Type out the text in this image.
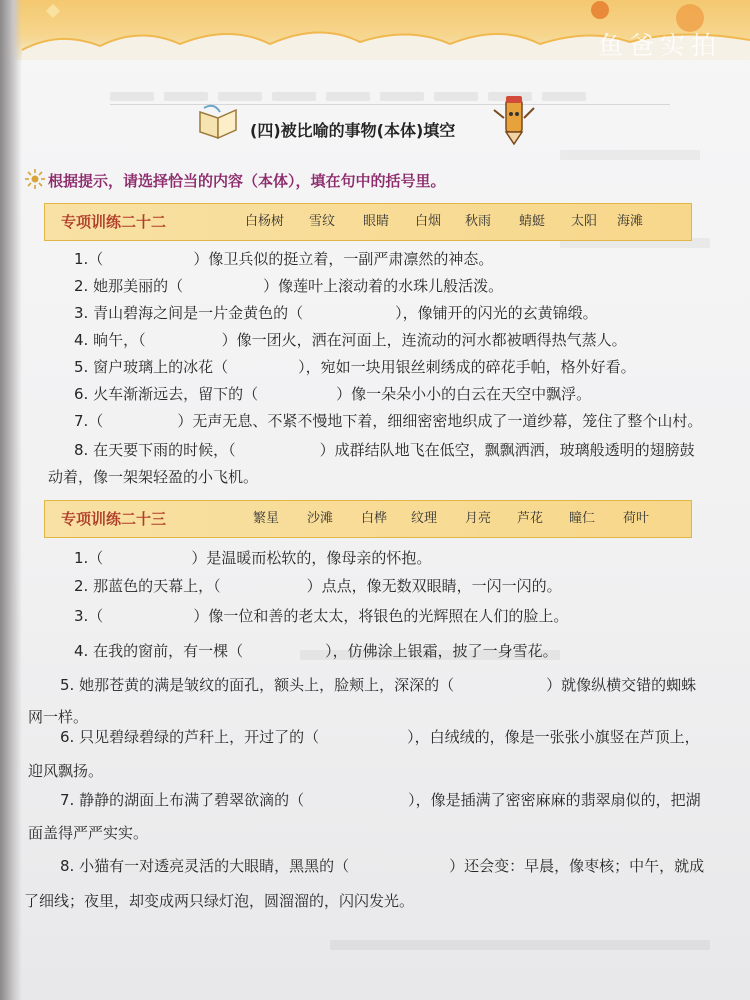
鱼爸实拍
(四)被比喻的事物(本体)填空
根据提示，请选择恰当的内容（本体），填在句中的括号里。
专项训练二十二	白杨树 雪纹 眼睛 白烟 秋雨 蜻蜓 太阳 海滩
1.（	）像卫兵似的挺立着，一副严肃凛然的神态。
2. 她那美丽的（	）像莲叶上滚动着的水珠儿般活泼。
3. 青山碧海之间是一片金黄色的（	），像铺开的闪光的玄黄锦缎。
4. 晌午，（	）像一团火，洒在河面上，连流动的河水都被晒得热气蒸人。
5. 窗户玻璃上的冰花（	），宛如一块用银丝刺绣成的碎花手帕，格外好看。
6. 火车渐渐远去，留下的（	）像一朵朵小小的白云在天空中飘浮。
7.（	）无声无息、不紧不慢地下着，细细密密地织成了一道纱幕，笼住了整个山村。
8. 在天要下雨的时候，（	）成群结队地飞在低空，飘飘洒洒，玻璃般透明的翅膀鼓
动着，像一架架轻盈的小飞机。
专项训练二十三	繁星 沙滩 白桦 纹理 月亮 芦花 瞳仁 荷叶
1.（	）是温暖而松软的，像母亲的怀抱。
2. 那蓝色的天幕上，（	）点点，像无数双眼睛，一闪一闪的。
3.（	）像一位和善的老太太，将银色的光辉照在人们的脸上。
4. 在我的窗前，有一棵（	），仿佛涂上银霜，披了一身雪花。
5. 她那苍黄的满是皱纹的面孔，额头上，脸颊上，深深的（	）就像纵横交错的蜘蛛
网一样。
6. 只见碧绿碧绿的芦秆上，开过了的（	），白绒绒的，像是一张张小旗竖在芦顶上，
迎风飘扬。
7. 静静的湖面上布满了碧翠欲滴的（	），像是插满了密密麻麻的翡翠扇似的，把湖
面盖得严严实实。
8. 小猫有一对透亮灵活的大眼睛，黑黑的（	）还会变：早晨，像枣核；中午，就成
了细线；夜里，却变成两只绿灯泡，圆溜溜的，闪闪发光。
